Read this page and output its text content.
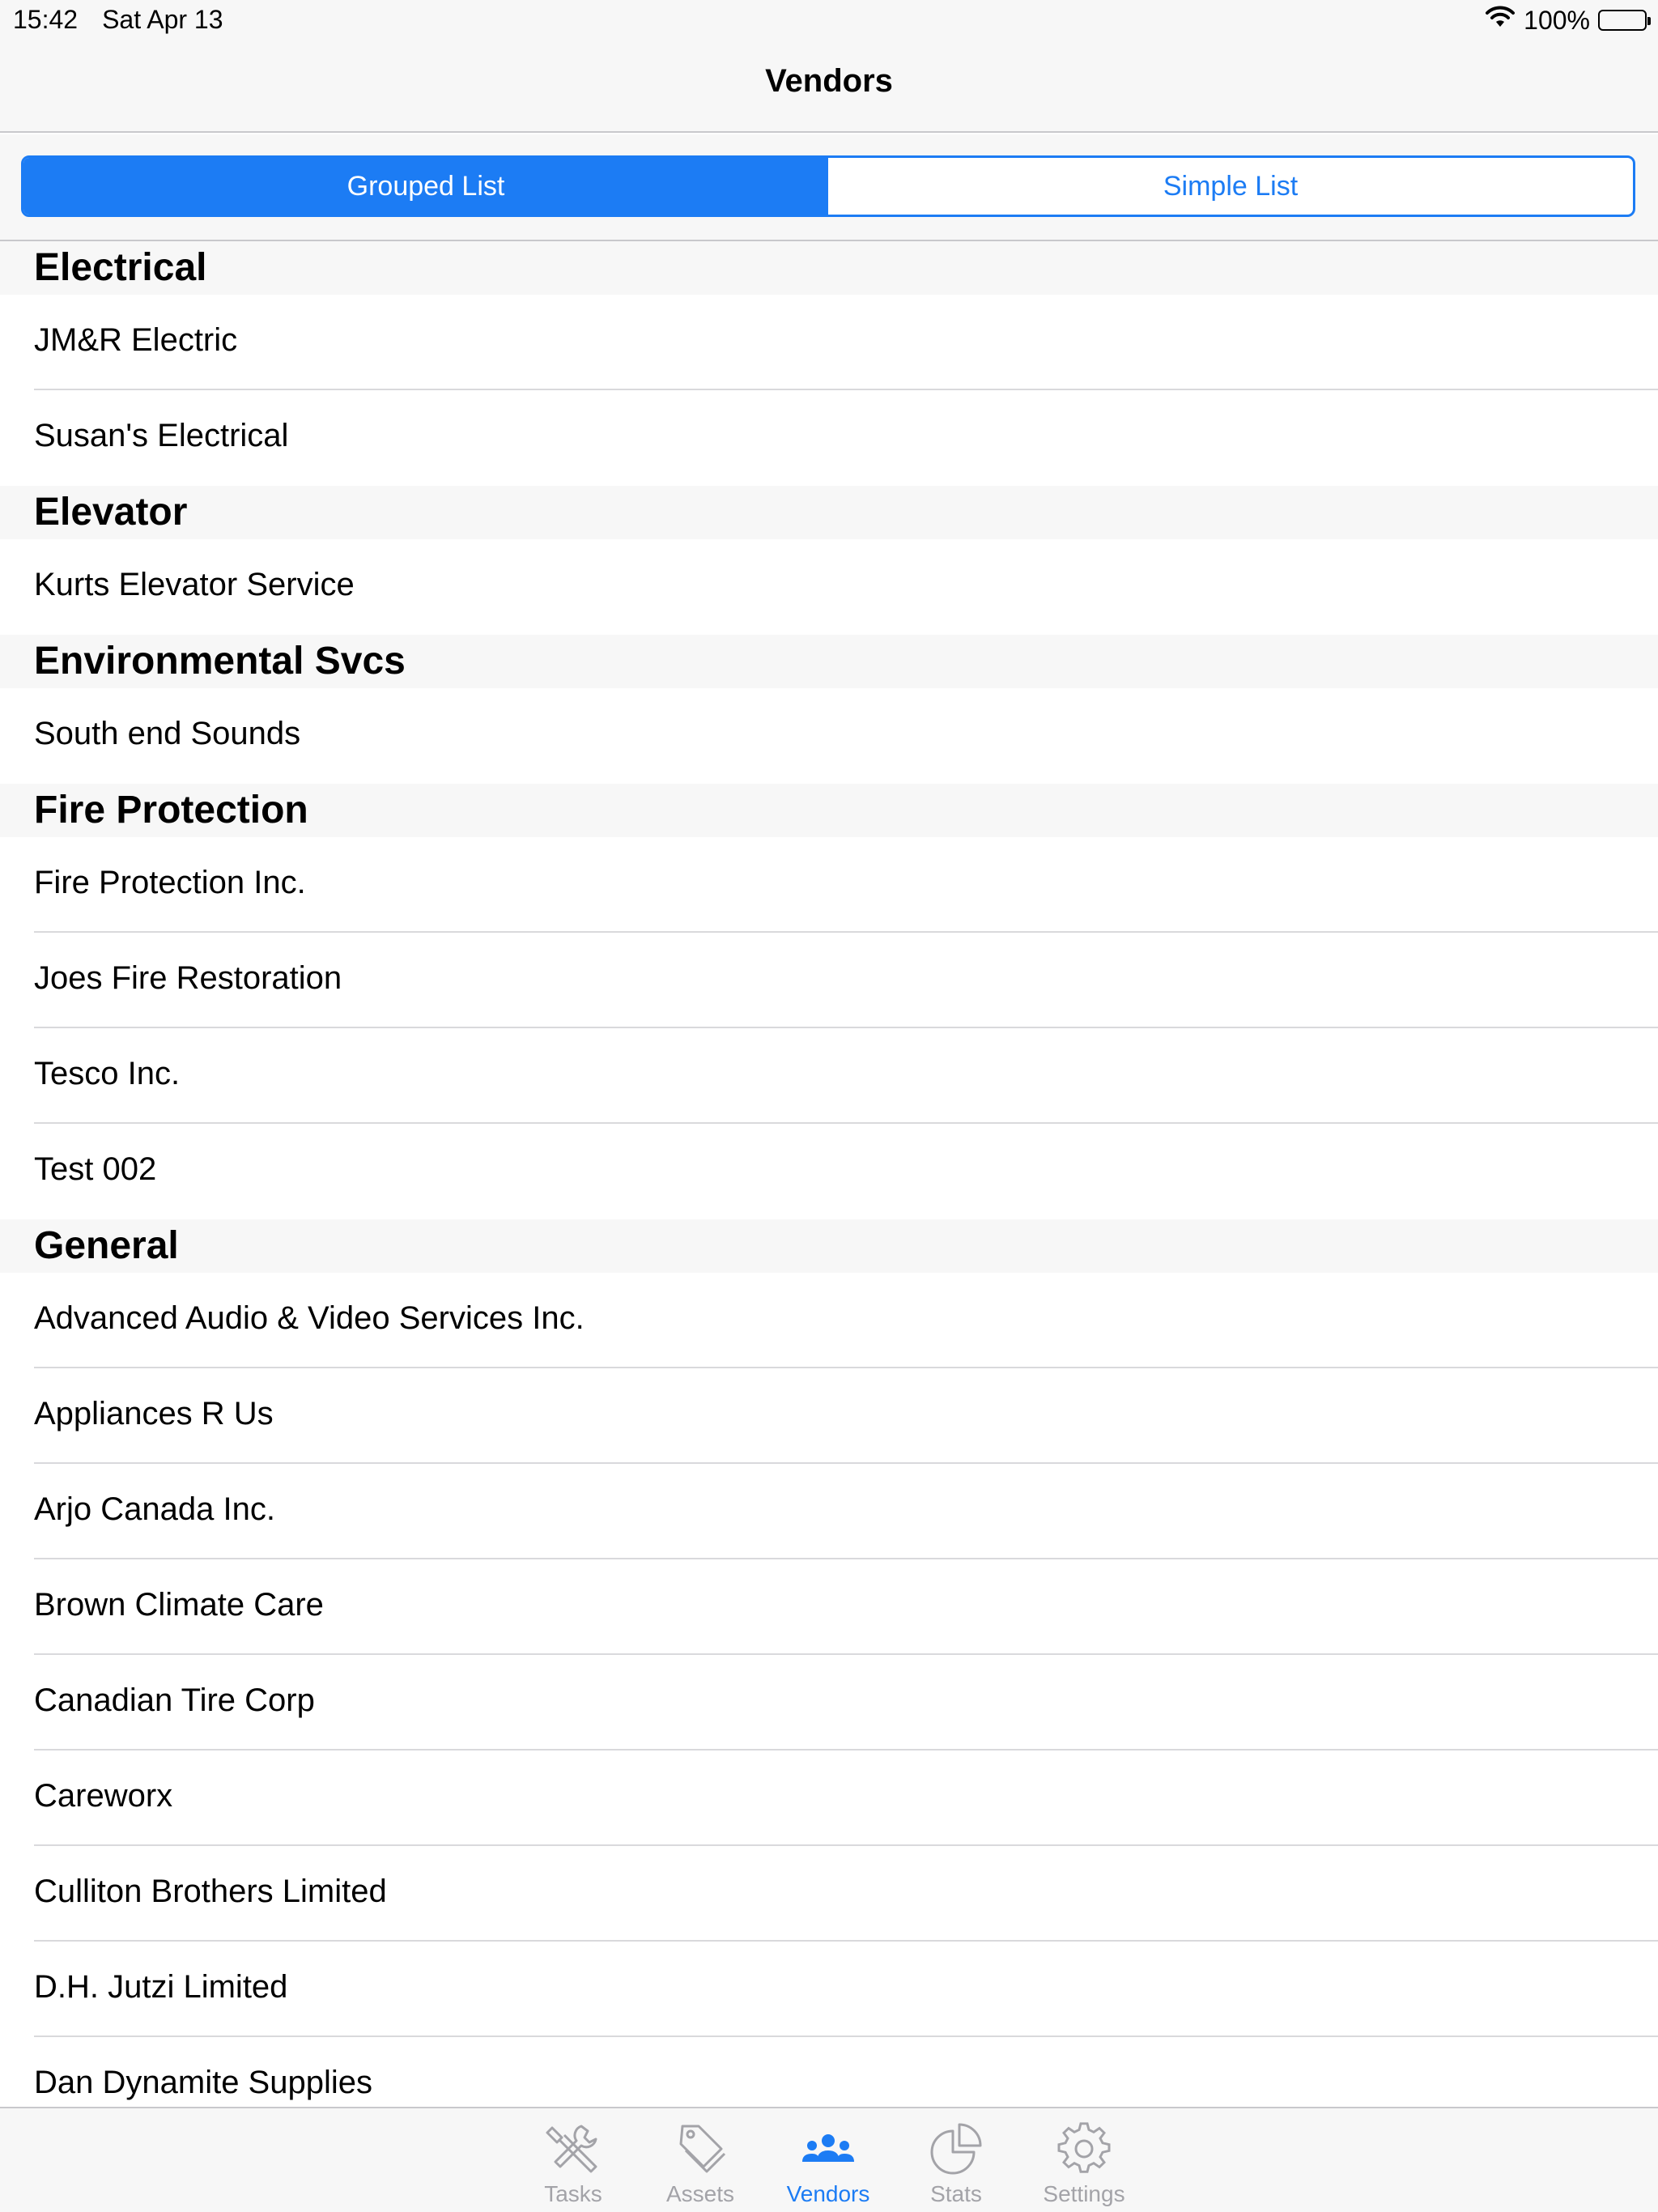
15:42 Sat Apr 13	100%
Vendors
Grouped List	Simple List
Electrical
JM&R Electric
Susan's Electrical
Elevator
Kurts Elevator Service
Environmental Svcs
South end Sounds
Fire Protection
Fire Protection Inc.
Joes Fire Restoration
Tesco Inc.
Test 002
General
Advanced Audio & Video Services Inc.
Appliances R Us
Arjo Canada Inc.
Brown Climate Care
Canadian Tire Corp
Careworx
Culliton Brothers Limited
D.H. Jutzi Limited
Dan Dynamite Supplies
Tasks	Assets	Vendors	Stats	Settings
